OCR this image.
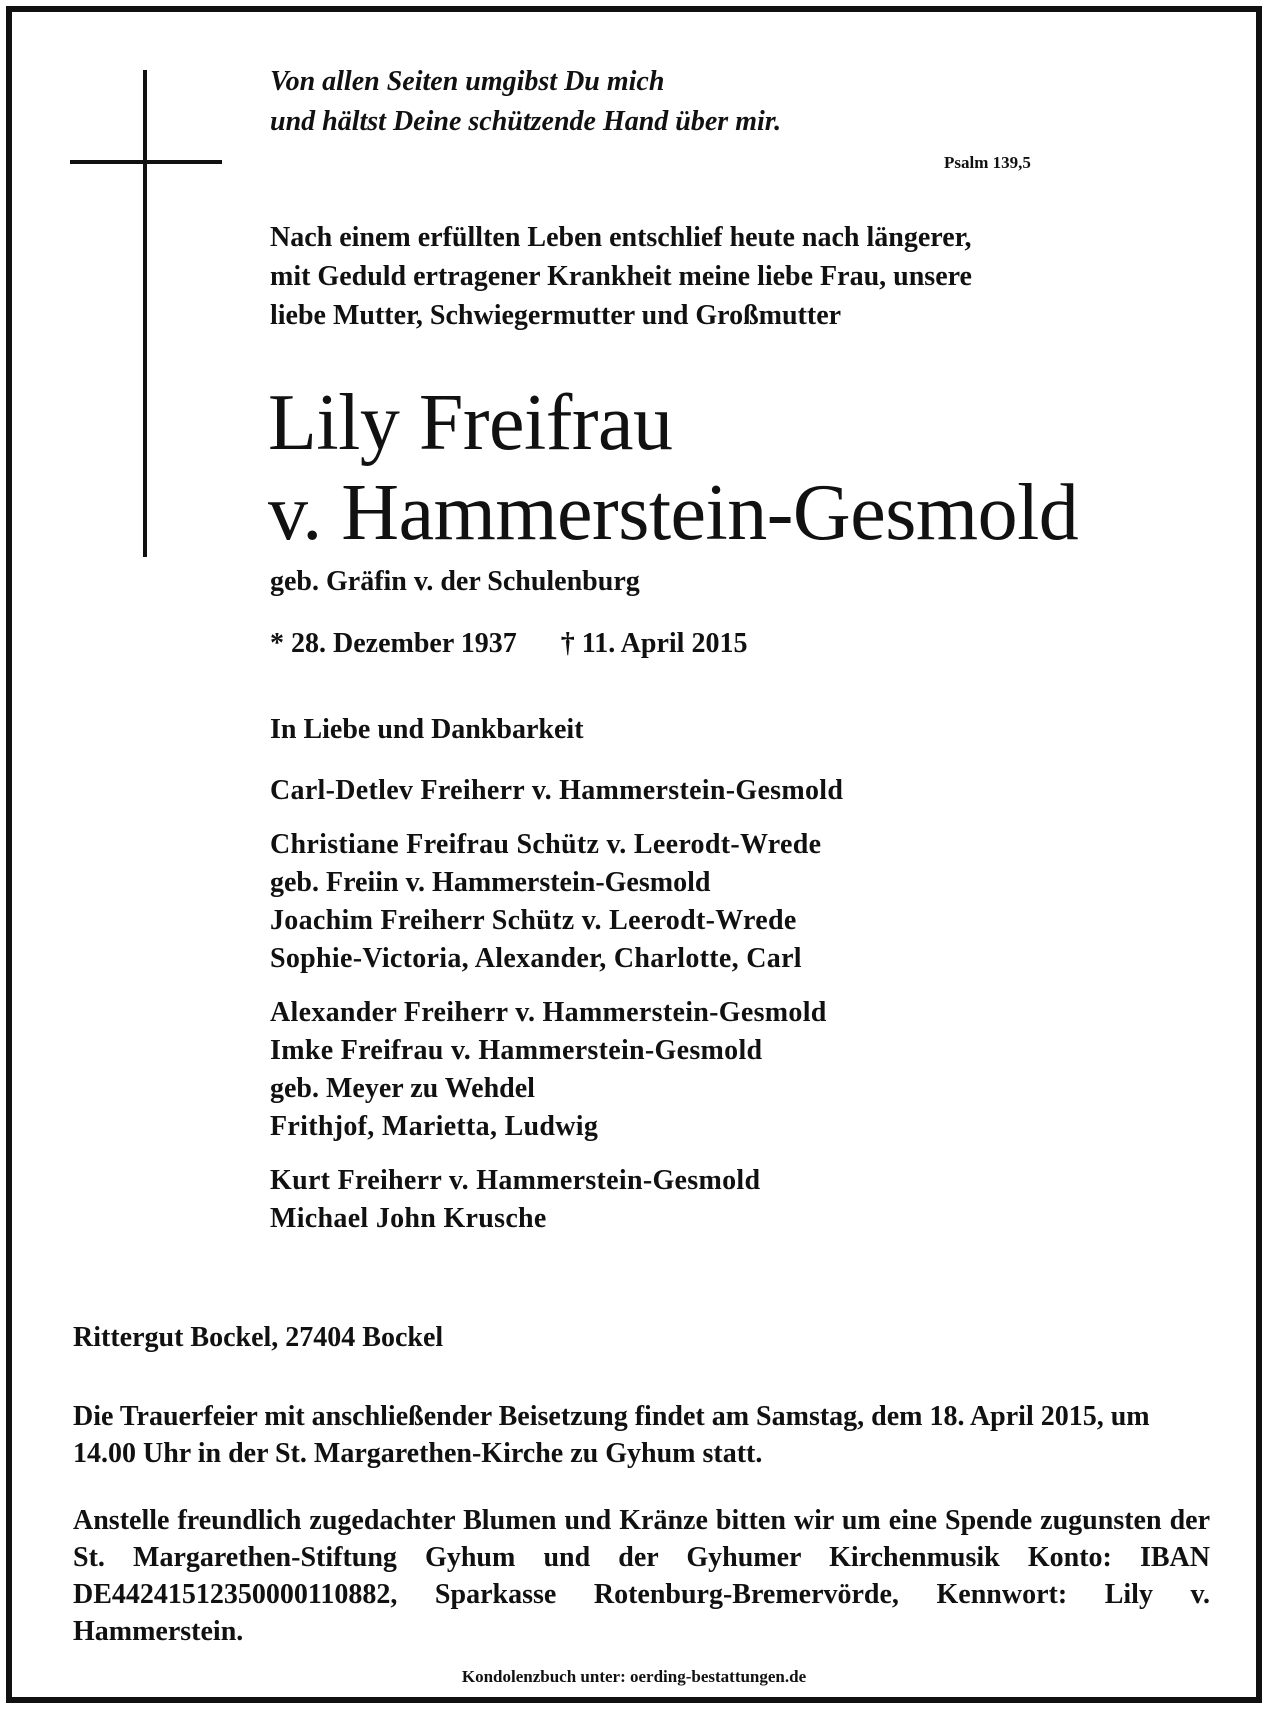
Von allen Seiten umgibst Du mich
und hältst Deine schützende Hand über mir.
Psalm 139,5
Nach einem erfüllten Leben entschlief heute nach längerer,
mit Geduld ertragener Krankheit meine liebe Frau, unsere
liebe Mutter, Schwiegermutter und Großmutter
Lily Freifrau
v. Hammerstein-Gesmold
geb. Gräfin v. der Schulenburg
* 28. Dezember 1937 † 11. April 2015
In Liebe und Dankbarkeit
Carl-Detlev Freiherr v. Hammerstein-Gesmold
Christiane Freifrau Schütz v. Leerodt-Wrede
geb. Freiin v. Hammerstein-Gesmold
Joachim Freiherr Schütz v. Leerodt-Wrede
Sophie-Victoria, Alexander, Charlotte, Carl
Alexander Freiherr v. Hammerstein-Gesmold
Imke Freifrau v. Hammerstein-Gesmold
geb. Meyer zu Wehdel
Frithjof, Marietta, Ludwig
Kurt Freiherr v. Hammerstein-Gesmold
Michael John Krusche
Rittergut Bockel, 27404 Bockel
Die Trauerfeier mit anschließender Beisetzung findet am Samstag, dem 18. April 2015, um 14.00 Uhr in der St. Margarethen-Kirche zu Gyhum statt.
Anstelle freundlich zugedachter Blumen und Kränze bitten wir um eine Spende zugunsten der St. Margarethen-Stiftung Gyhum und der Gyhumer Kirchenmusik Konto: IBAN DE44241512350000110882, Sparkasse Rotenburg-Bremervörde, Kennwort: Lily v. Hammerstein.
Kondolenzbuch unter: oerding-bestattungen.de
